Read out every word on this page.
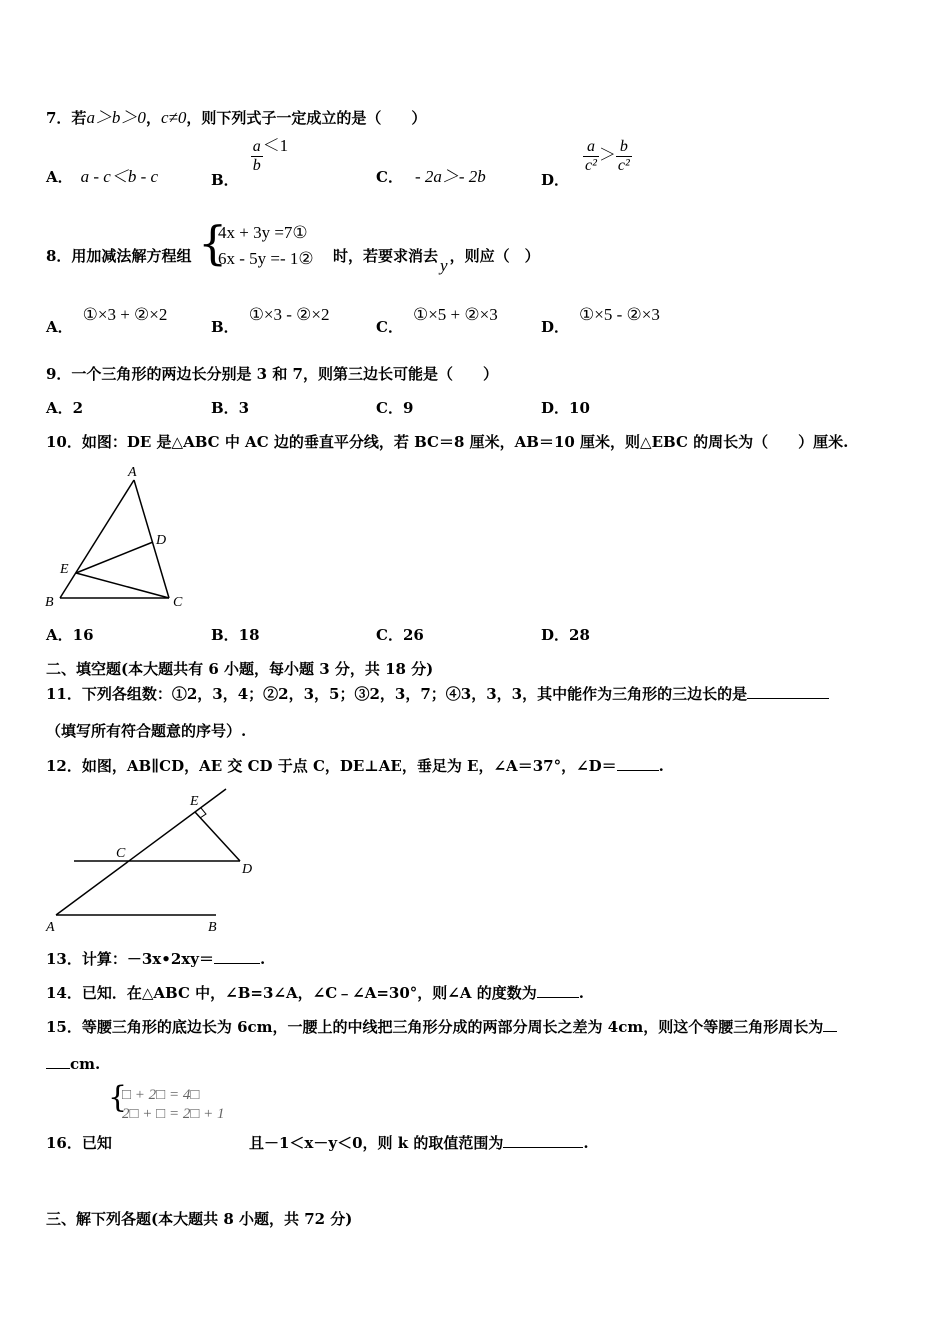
7．若a＞b＞0，c≠0，则下列式子一定成立的是（　　）
A． a - c＜b - c	B．
$\frac{a}{b} <1$
C． - 2a＞- 2b	D．
$\frac{a}{\text{c²}} > \frac{b}{\text{c²}}$
8．用加减法解方程组 {
4x + 3y =7①
6x - 5y =- 1② 时，若要求消去 y ，则应（　）
A．①×3 + ②×2
B．①×3 - ②×2
C．①×5 + ②×3
D．①×5 - ②×3
9．一个三角形的两边长分别是 3 和 7，则第三边长可能是（　　）
A．2	B．3	C．9	D．10
10．如图：DE 是△ABC 中 AC 边的垂直平分线，若 BC＝8 厘米，AB＝10 厘米，则△EBC 的周长为（　　）厘米.
A
D
E
B	C
A．16	B．18	C．26	D．28
二、填空题(本大题共有 6 小题，每小题 3 分，共 18 分)
11．下列各组数：①2，3，4；②2，3，5；③2，3，7；④3，3，3，其中能作为三角形的三边长的是
（填写所有符合题意的序号）.
12．如图，AB∥CD，AE 交 CD 于点 C，DE⊥AE，垂足为 E，∠A＝37°，∠D＝	.
E
C
D
A	B
13．计算：－3x•2xy＝	.
14．已知．在△ABC 中，∠B=3∠A，∠C﹣∠A=30°，则∠A 的度数为	.
15．等腰三角形的底边长为 6cm，一腰上的中线把三角形分成的两部分周长之差为 4cm，则这个等腰三角形周长为
cm.
{
□ + 2□ = 4□
2□ + □ = 2□ + 1
16．已知	且－1＜x－y＜0，则 k 的取值范围为	.
三、解下列各题(本大题共 8 小题，共 72 分)
